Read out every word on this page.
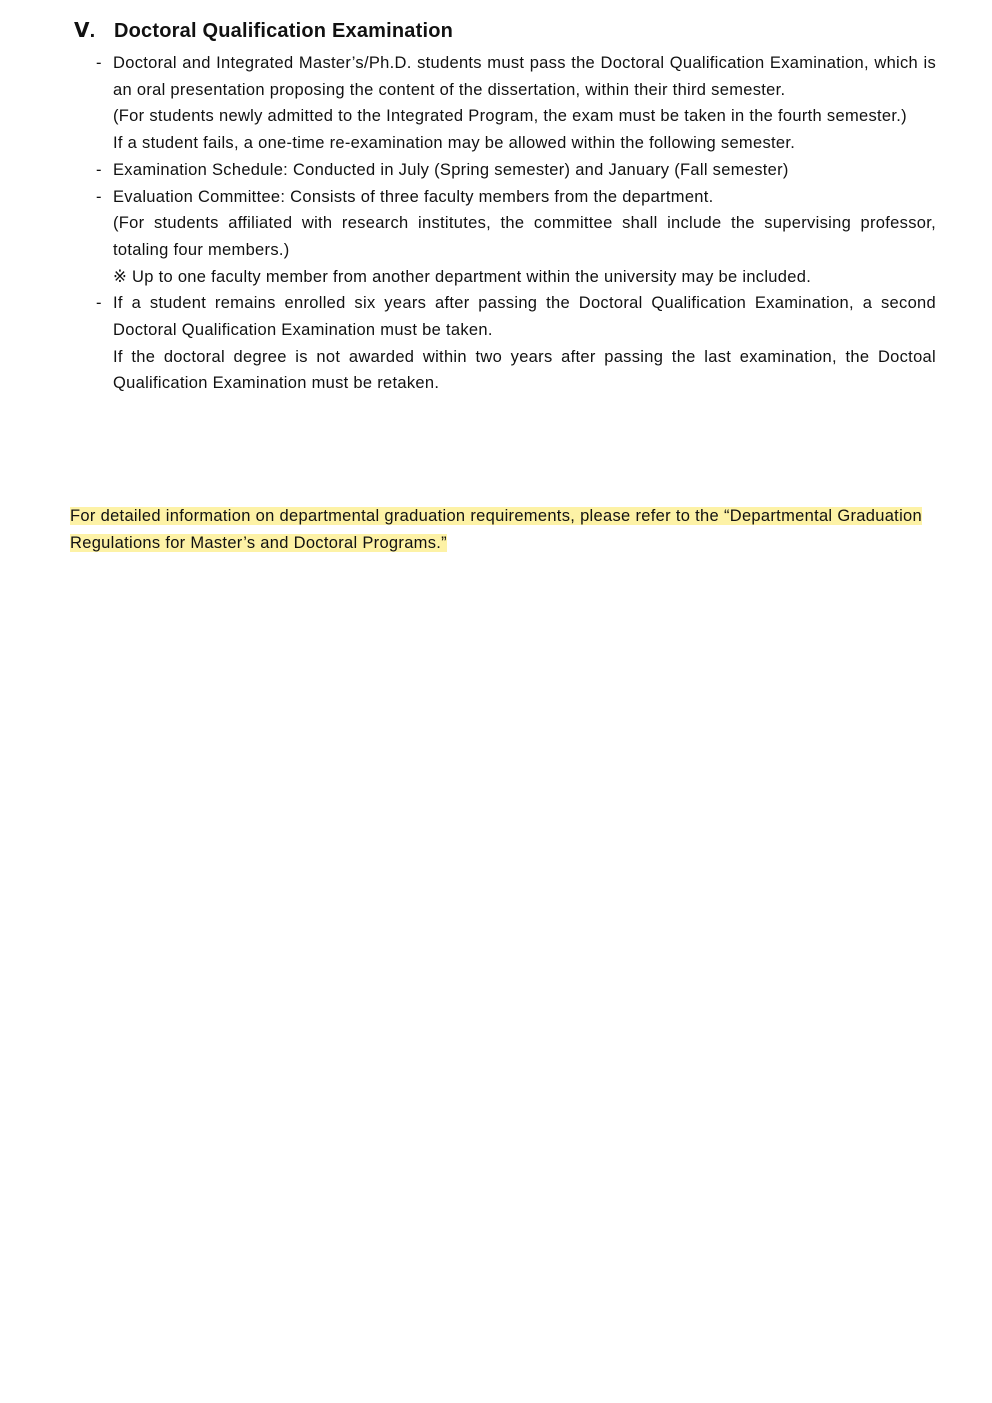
Ⅴ. Doctoral Qualification Examination
- Doctoral and Integrated Master’s/Ph.D. students must pass the Doctoral Qualification Examination, which is an oral presentation proposing the content of the dissertation, within their third semester.

(For students newly admitted to the Integrated Program, the exam must be taken in the fourth semester.)

If a student fails, a one-time re-examination may be allowed within the following semester.

- Examination Schedule: Conducted in July (Spring semester) and January (Fall semester)

- Evaluation Committee: Consists of three faculty members from the department.

(For students affiliated with research institutes, the committee shall include the supervising professor, totaling four members.)

※ Up to one faculty member from another department within the university may be included.

- If a student remains enrolled six years after passing the Doctoral Qualification Examination, a second Doctoral Qualification Examination must be taken.

If the doctoral degree is not awarded within two years after passing the last examination, the Doctoal Qualification Examination must be retaken.

For detailed information on departmental graduation requirements, please refer to the “Departmental Graduation Regulations for Master’s and Doctoral Programs.”
